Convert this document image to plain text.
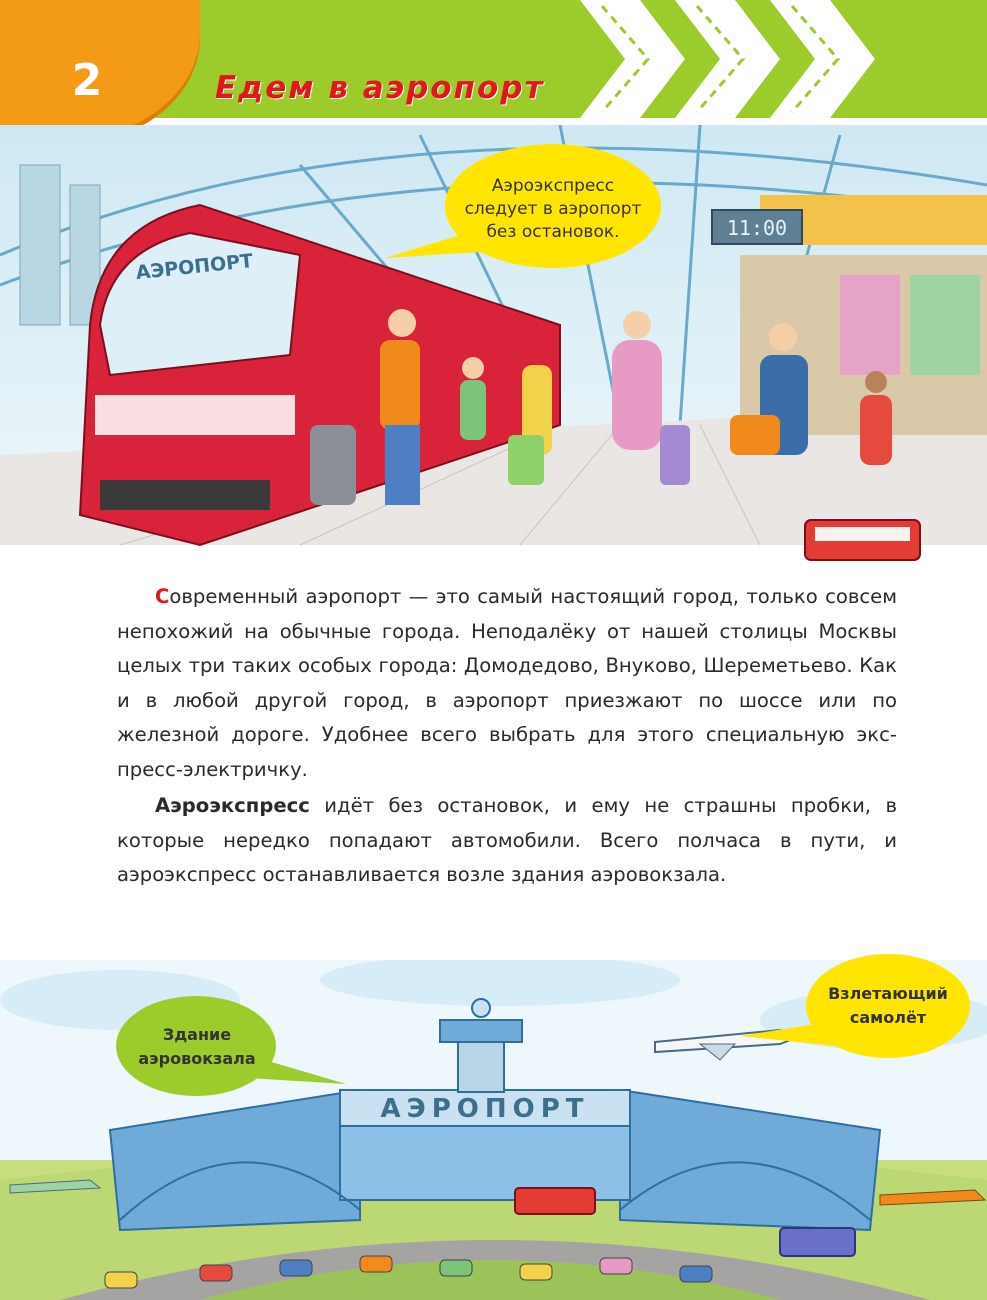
2	Едем в аэропорт
11:00
АЭРОПОРТ
Аэроэкспресс
следует в аэропорт
без остановок.

Современный аэропорт — это самый настоящий город, только совсем непохожий на обычные города. Неподалёку от нашей столицы Москвы целых три таких особых города: Домодедово, Внуково, Шереметьево. Как и в любой другой город, в аэропорт приезжают по шоссе или по железной дороге. Удобнее всего выбрать для этого специальную экспресс-электричку.

Аэроэкспресс идёт без остановок, и ему не страшны пробки, в которые нередко попадают автомобили. Всего полчаса в пути, и аэроэкспресс останавливается возле здания аэровокзала.

АЭРОПОРТ
Здание
аэровокзала
Взлетающий
самолёт
